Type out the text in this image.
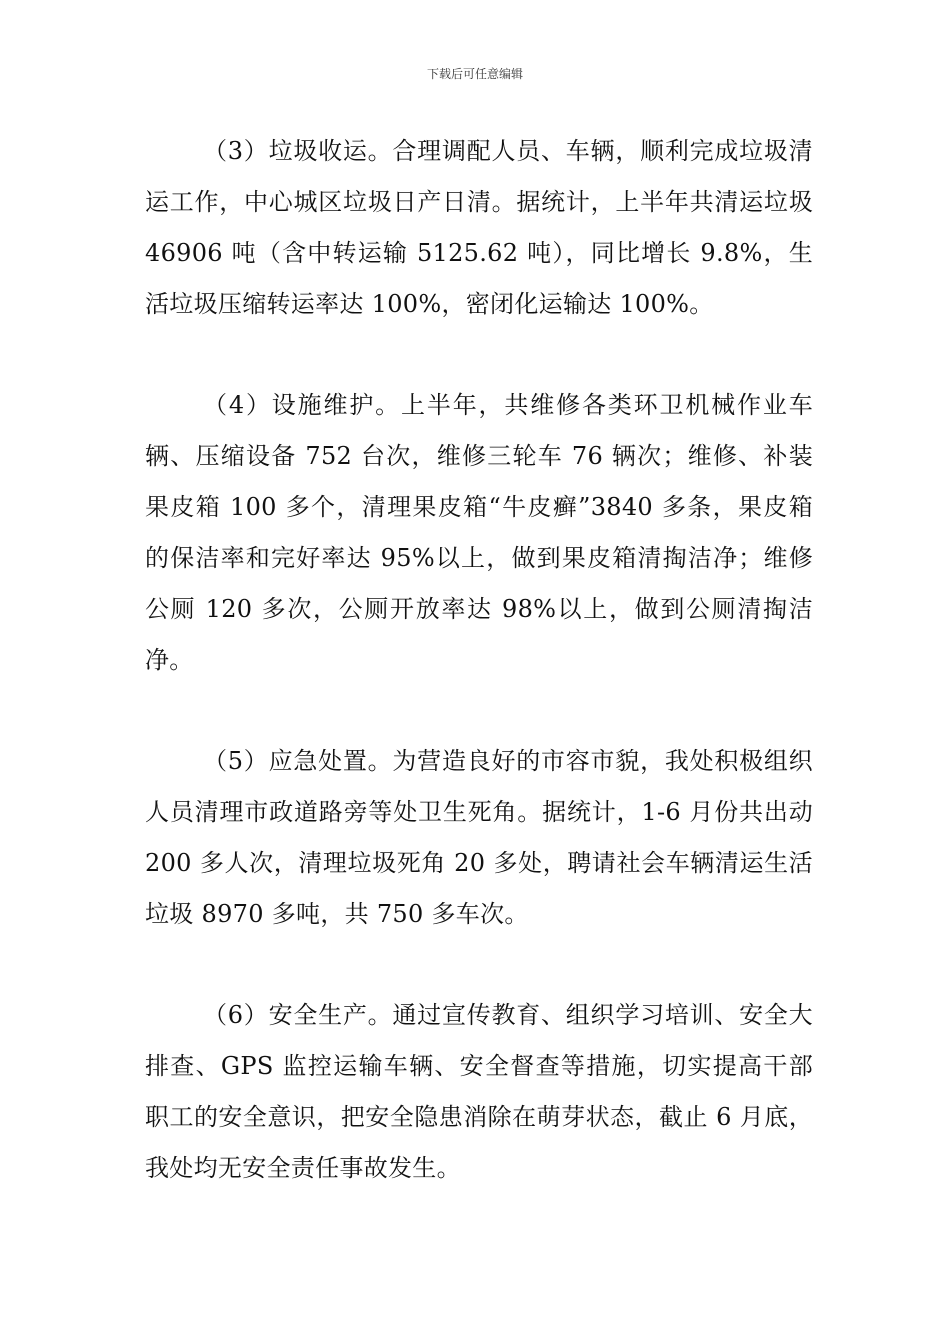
下载后可任意编辑

（3）垃圾收运。合理调配人员、车辆，顺利完成垃圾清运工作，中心城区垃圾日产日清。据统计，上半年共清运垃圾 46906 吨（含中转运输 5125.62 吨），同比增长 9.8%，生活垃圾压缩转运率达 100%，密闭化运输达 100%。

（4）设施维护。上半年，共维修各类环卫机械作业车辆、压缩设备 752 台次，维修三轮车 76 辆次；维修、补装果皮箱 100 多个，清理果皮箱“牛皮癣”3840 多条，果皮箱的保洁率和完好率达 95%以上，做到果皮箱清掏洁净；维修公厕 120 多次，公厕开放率达 98%以上，做到公厕清掏洁净。

（5）应急处置。为营造良好的市容市貌，我处积极组织人员清理市政道路旁等处卫生死角。据统计，1-6 月份共出动 200 多人次，清理垃圾死角 20 多处，聘请社会车辆清运生活垃圾 8970 多吨，共 750 多车次。

（6）安全生产。通过宣传教育、组织学习培训、安全大排查、GPS 监控运输车辆、安全督查等措施，切实提高干部职工的安全意识，把安全隐患消除在萌芽状态，截止 6 月底，我处均无安全责任事故发生。
